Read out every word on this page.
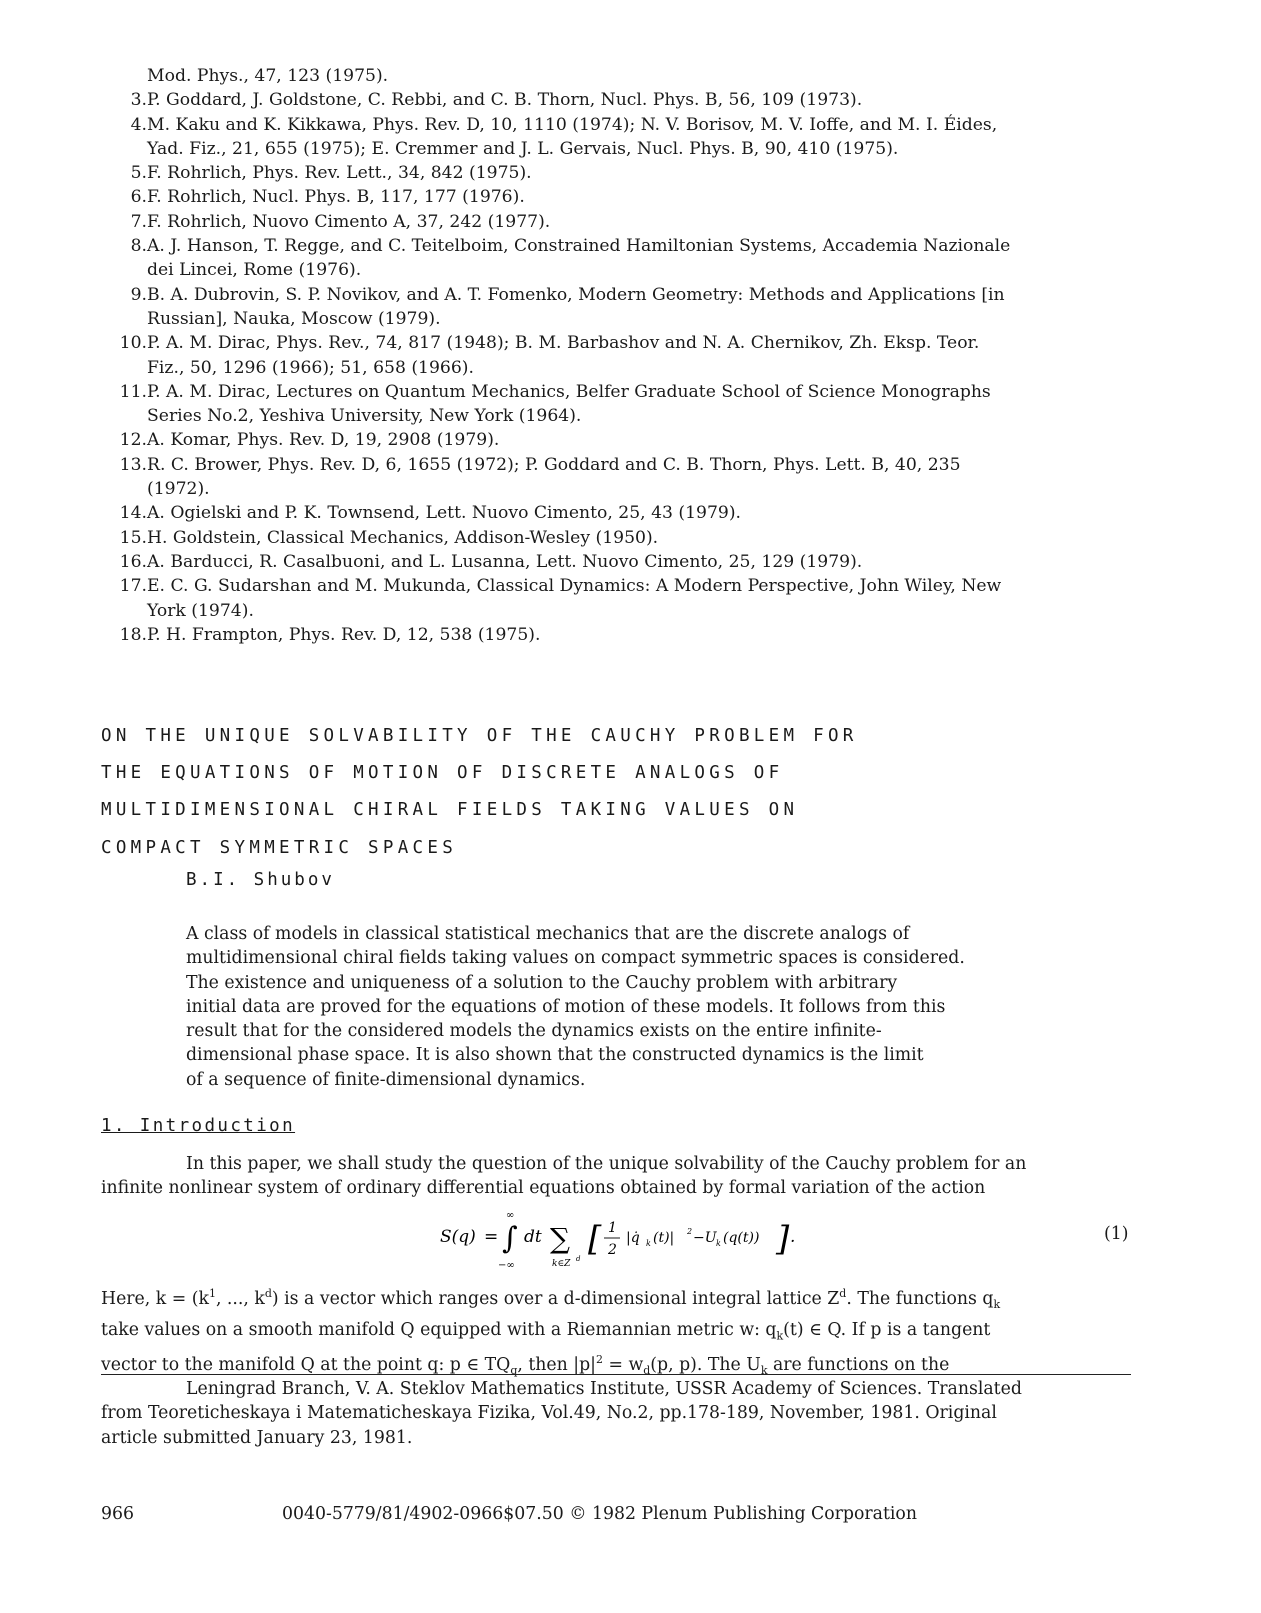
Mod. Phys., 47, 123 (1975).
3. P. Goddard, J. Goldstone, C. Rebbi, and C. B. Thorn, Nucl. Phys. B, 56, 109 (1973).
4. M. Kaku and K. Kikkawa, Phys. Rev. D, 10, 1110 (1974); N. V. Borisov, M. V. Ioffe, and M. I. Éides,
Yad. Fiz., 21, 655 (1975); E. Cremmer and J. L. Gervais, Nucl. Phys. B, 90, 410 (1975).
5. F. Rohrlich, Phys. Rev. Lett., 34, 842 (1975).
6. F. Rohrlich, Nucl. Phys. B, 117, 177 (1976).
7. F. Rohrlich, Nuovo Cimento A, 37, 242 (1977).
8. A. J. Hanson, T. Regge, and C. Teitelboim, Constrained Hamiltonian Systems, Accademia Nazionale
dei Lincei, Rome (1976).
9. B. A. Dubrovin, S. P. Novikov, and A. T. Fomenko, Modern Geometry: Methods and Applications [in
Russian], Nauka, Moscow (1979).
10. P. A. M. Dirac, Phys. Rev., 74, 817 (1948); B. M. Barbashov and N. A. Chernikov, Zh. Eksp. Teor.
Fiz., 50, 1296 (1966); 51, 658 (1966).
11. P. A. M. Dirac, Lectures on Quantum Mechanics, Belfer Graduate School of Science Monographs
Series No.2, Yeshiva University, New York (1964).
12. A. Komar, Phys. Rev. D, 19, 2908 (1979).
13. R. C. Brower, Phys. Rev. D, 6, 1655 (1972); P. Goddard and C. B. Thorn, Phys. Lett. B, 40, 235
(1972).
14. A. Ogielski and P. K. Townsend, Lett. Nuovo Cimento, 25, 43 (1979).
15. H. Goldstein, Classical Mechanics, Addison-Wesley (1950).
16. A. Barducci, R. Casalbuoni, and L. Lusanna, Lett. Nuovo Cimento, 25, 129 (1979).
17. E. C. G. Sudarshan and M. Mukunda, Classical Dynamics: A Modern Perspective, John Wiley, New
York (1974).
18. P. H. Frampton, Phys. Rev. D, 12, 538 (1975).
ON THE UNIQUE SOLVABILITY OF THE CAUCHY PROBLEM FOR
THE EQUATIONS OF MOTION OF DISCRETE ANALOGS OF
MULTIDIMENSIONAL CHIRAL FIELDS TAKING VALUES ON
COMPACT SYMMETRIC SPACES
B.I. Shubov
A class of models in classical statistical mechanics that are the discrete analogs of
multidimensional chiral fields taking values on compact symmetric spaces is considered.
The existence and uniqueness of a solution to the Cauchy problem with arbitrary
initial data are proved for the equations of motion of these models. It follows from this
result that for the considered models the dynamics exists on the entire infinite-
dimensional phase space. It is also shown that the constructed dynamics is the limit
of a sequence of finite-dimensional dynamics.
1. Introduction
In this paper, we shall study the question of the unique solvability of the Cauchy problem for an
infinite nonlinear system of ordinary differential equations obtained by formal variation of the action
S(q) = ∫
∞
−∞
dt ∑
k∈Z d [ 1
2
|q̇ k (t)| 2 −U k (q(t)) ] .	(1)
Here, $k = (k^1$, ..., $k^d$) is a vector which ranges over a d-dimensional integral lattice $Z^d$. The functions $q_k$
take values on a smooth manifold Q equipped with a Riemannian metric w: $q_k(t)$ ∈ Q. If p is a tangent
vector to the manifold Q at the point q: p ∈ $TQ_q$, then $|p|^2 = w_d(p$, p). The $U_k$ are functions on the
Leningrad Branch, V. A. Steklov Mathematics Institute, USSR Academy of Sciences. Translated
from Teoreticheskaya i Matematicheskaya Fizika, Vol.49, No.2, pp.178-189, November, 1981. Original
article submitted January 23, 1981.
966	0040-5779/81/4902-0966$07.50 © 1982 Plenum Publishing Corporation
